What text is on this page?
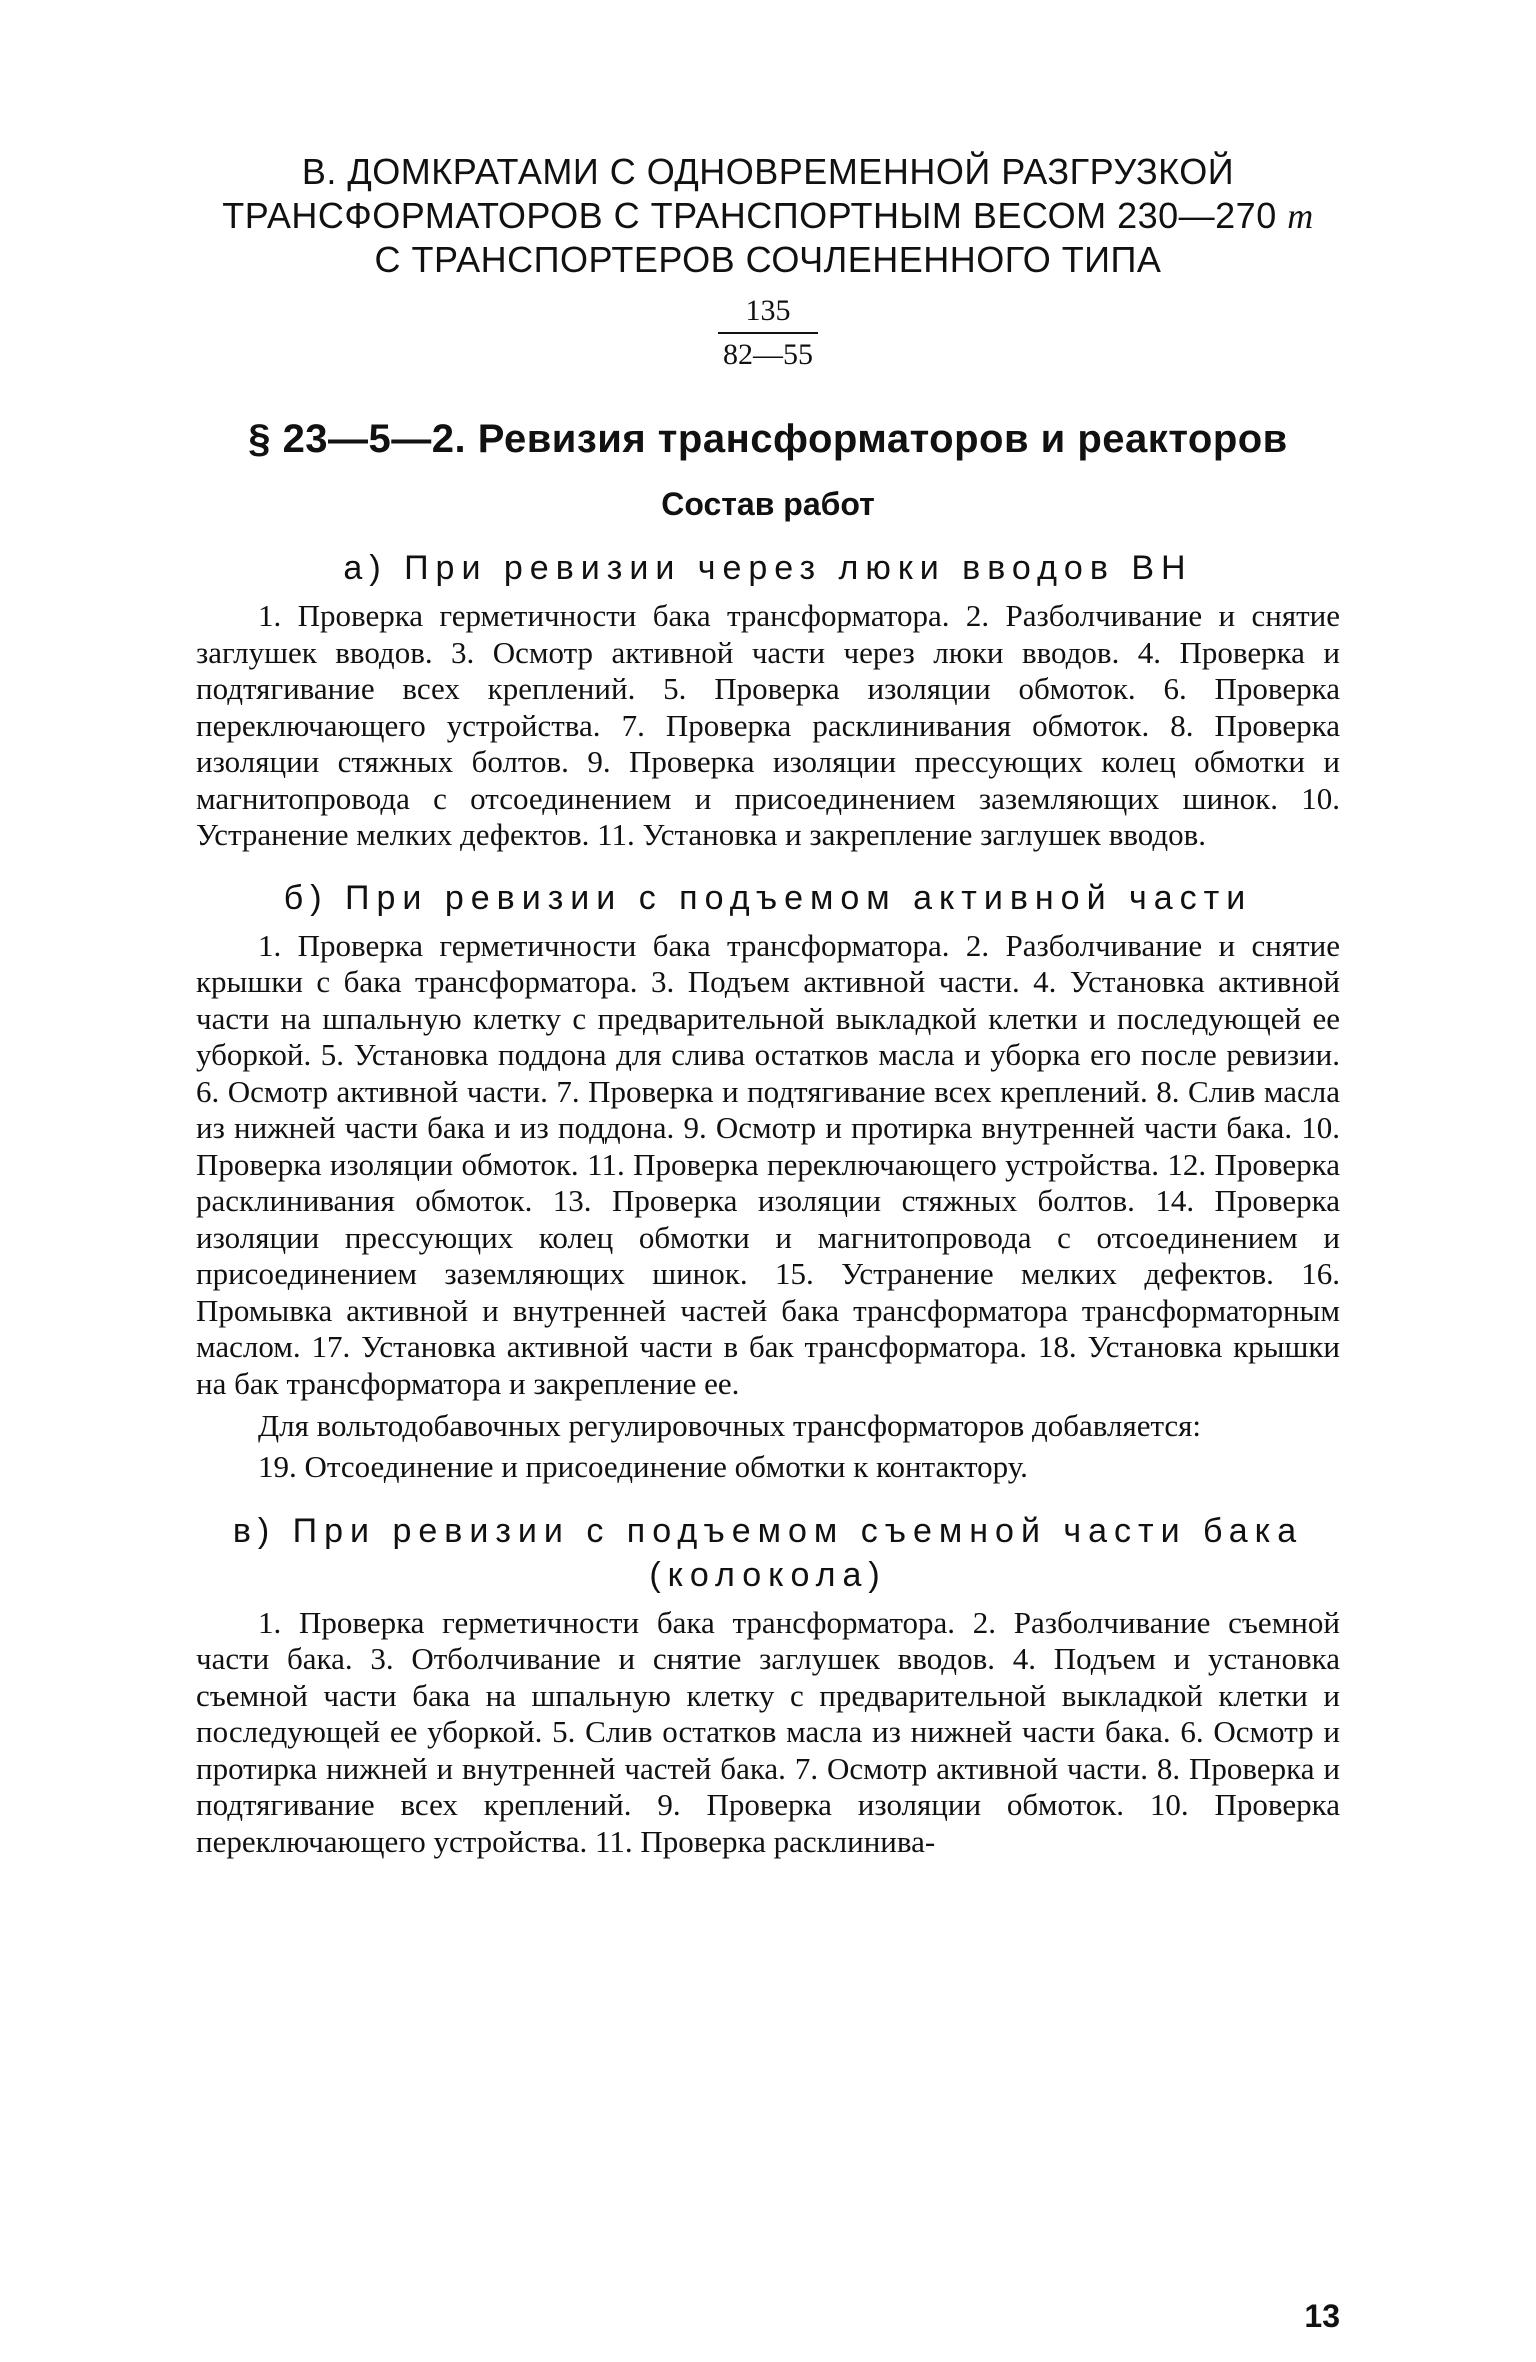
В. ДОМКРАТАМИ С ОДНОВРЕМЕННОЙ РАЗГРУЗКОЙ
ТРАНСФОРМАТОРОВ С ТРАНСПОРТНЫМ ВЕСОМ 230—270 т
С ТРАНСПОРТЕРОВ СОЧЛЕНЕННОГО ТИПА
135
82—55
§ 23—5—2. Ревизия трансформаторов и реакторов
Состав работ
а) При ревизии через люки вводов ВН

1. Проверка герметичности бака трансформатора. 2. Разболчивание и снятие заглушек вводов. 3. Осмотр активной части через люки вводов. 4. Проверка и подтягивание всех креплений. 5. Проверка изоляции обмоток. 6. Проверка переключающего устройства. 7. Проверка расклинивания обмоток. 8. Проверка изоляции стяжных болтов. 9. Проверка изоляции прессующих колец обмотки и магнитопровода с отсоединением и присоединением заземляющих шинок. 10. Устранение мелких дефектов. 11. Установка и закрепление заглушек вводов.

б) При ревизии с подъемом активной части

1. Проверка герметичности бака трансформатора. 2. Разболчивание и снятие крышки с бака трансформатора. 3. Подъем активной части. 4. Установка активной части на шпальную клетку с предварительной выкладкой клетки и последующей ее уборкой. 5. Установка поддона для слива остатков масла и уборка его после ревизии. 6. Осмотр активной части. 7. Проверка и подтягивание всех креплений. 8. Слив масла из нижней части бака и из поддона. 9. Осмотр и протирка внутренней части бака. 10. Проверка изоляции обмоток. 11. Проверка переключающего устройства. 12. Проверка расклинивания обмоток. 13. Проверка изоляции стяжных болтов. 14. Проверка изоляции прессующих колец обмотки и магнитопровода с отсоединением и присоединением заземляющих шинок. 15. Устранение мелких дефектов. 16. Промывка активной и внутренней частей бака трансформатора трансформаторным маслом. 17. Установка активной части в бак трансформатора. 18. Установка крышки на бак трансформатора и закрепление ее.

Для вольтодобавочных регулировочных трансформаторов добавляется:

19. Отсоединение и присоединение обмотки к контактору.

в) При ревизии с подъемом съемной части бака
(колокола)

1. Проверка герметичности бака трансформатора. 2. Разболчивание съемной части бака. 3. Отболчивание и снятие заглушек вводов. 4. Подъем и установка съемной части бака на шпальную клетку с предварительной выкладкой клетки и последующей ее уборкой. 5. Слив остатков масла из нижней части бака. 6. Осмотр и протирка нижней и внутренней частей бака. 7. Осмотр активной части. 8. Проверка и подтягивание всех креплений. 9. Проверка изоляции обмоток. 10. Проверка переключающего устройства. 11. Проверка расклинива-

13
